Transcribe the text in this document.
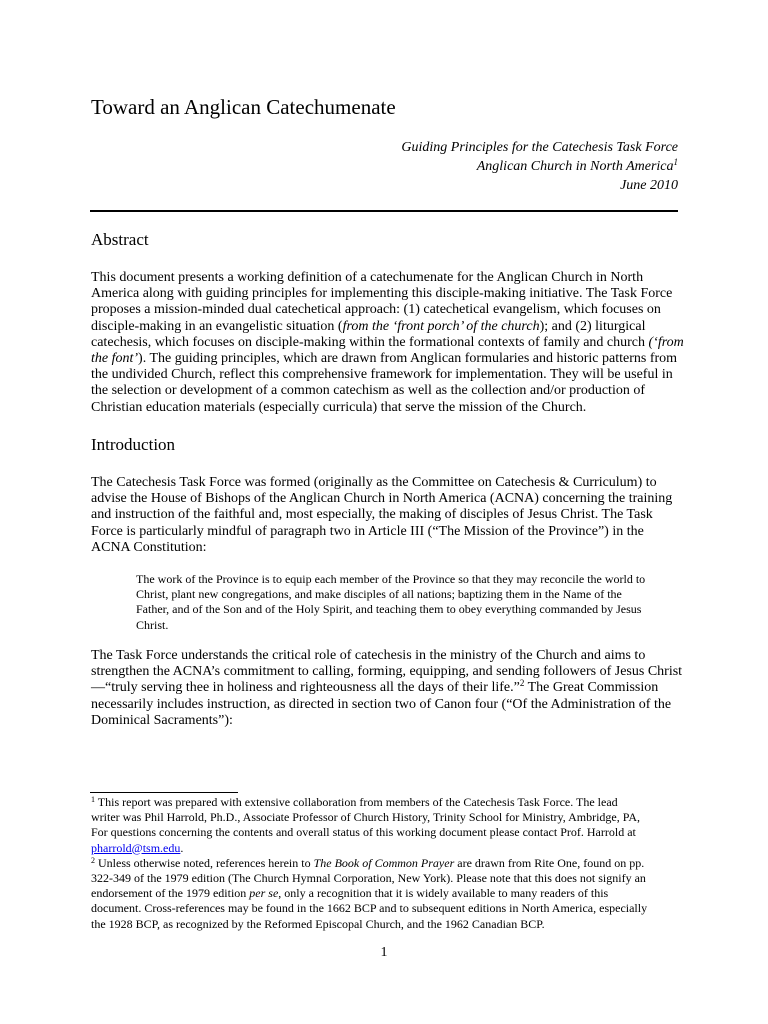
Toward an Anglican Catechumenate
Guiding Principles for the Catechesis Task Force
Anglican Church in North America$^1$
June 2010
Abstract
This document presents a working definition of a catechumenate for the Anglican Church in North
America along with guiding principles for implementing this disciple-making initiative. The Task Force
proposes a mission-minded dual catechetical approach: (1) catechetical evangelism, which focuses on
disciple-making in an evangelistic situation (from the ‘front porch’ of the church); and (2) liturgical
catechesis, which focuses on disciple-making within the formational contexts of family and church (‘from
the font’). The guiding principles, which are drawn from Anglican formularies and historic patterns from
the undivided Church, reflect this comprehensive framework for implementation. They will be useful in
the selection or development of a common catechism as well as the collection and/or production of
Christian education materials (especially curricula) that serve the mission of the Church.
Introduction
The Catechesis Task Force was formed (originally as the Committee on Catechesis & Curriculum) to
advise the House of Bishops of the Anglican Church in North America (ACNA) concerning the training
and instruction of the faithful and, most especially, the making of disciples of Jesus Christ. The Task
Force is particularly mindful of paragraph two in Article III (“The Mission of the Province”) in the
ACNA Constitution:
The work of the Province is to equip each member of the Province so that they may reconcile the world to
Christ, plant new congregations, and make disciples of all nations; baptizing them in the Name of the
Father, and of the Son and of the Holy Spirit, and teaching them to obey everything commanded by Jesus
Christ.
The Task Force understands the critical role of catechesis in the ministry of the Church and aims to
strengthen the ACNA’s commitment to calling, forming, equipping, and sending followers of Jesus Christ
—“truly serving thee in holiness and righteousness all the days of their life.”$^2$ The Great Commission
necessarily includes instruction, as directed in section two of Canon four (“Of the Administration of the
Dominical Sacraments”):
$^1$ This report was prepared with extensive collaboration from members of the Catechesis Task Force. The lead
writer was Phil Harrold, Ph.D., Associate Professor of Church History, Trinity School for Ministry, Ambridge, PA,
For questions concerning the contents and overall status of this working document please contact Prof. Harrold at
pharrold@tsm.edu.
$^2$ Unless otherwise noted, references herein to The Book of Common Prayer are drawn from Rite One, found on pp.
322-349 of the 1979 edition (The Church Hymnal Corporation, New York). Please note that this does not signify an
endorsement of the 1979 edition per se, only a recognition that it is widely available to many readers of this
document. Cross-references may be found in the 1662 BCP and to subsequent editions in North America, especially
the 1928 BCP, as recognized by the Reformed Episcopal Church, and the 1962 Canadian BCP.
1
